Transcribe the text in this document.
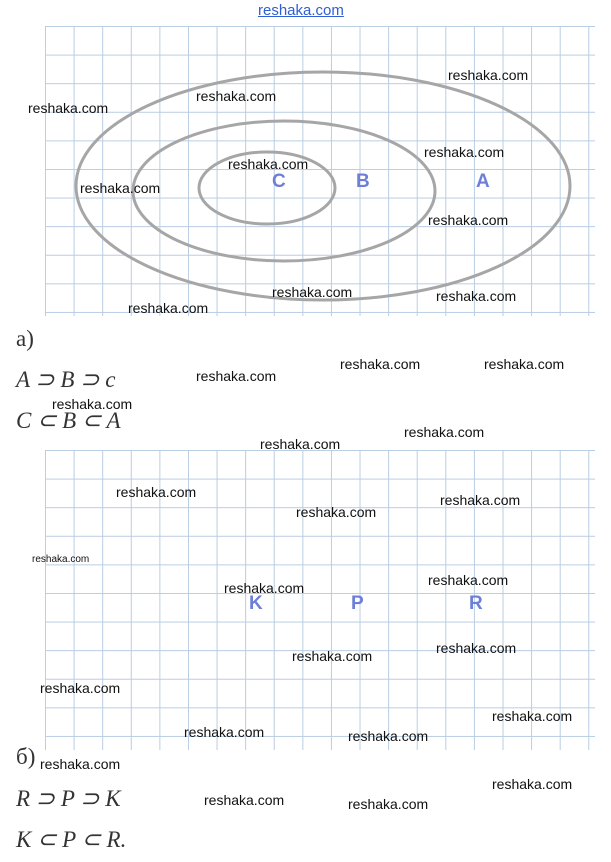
reshaka.com
C	B	A
а)
A ⊃ B ⊃ c
C ⊂ B ⊂ A
K	P	R
б)
R ⊃ P ⊃ K
K ⊂ P ⊂ R.
reshaka.com
reshaka.com
reshaka.com
reshaka.com
reshaka.com
reshaka.com
reshaka.com
reshaka.com	reshaka.com
reshaka.com
reshaka.com	reshaka.com
reshaka.com
reshaka.com
reshaka.com
reshaka.com
reshaka.com	reshaka.com
reshaka.com
reshaka.com
reshaka.com
reshaka.com
reshaka.com
reshaka.com
reshaka.com
reshaka.com
reshaka.com	reshaka.com
reshaka.com
reshaka.com
reshaka.com	reshaka.com
